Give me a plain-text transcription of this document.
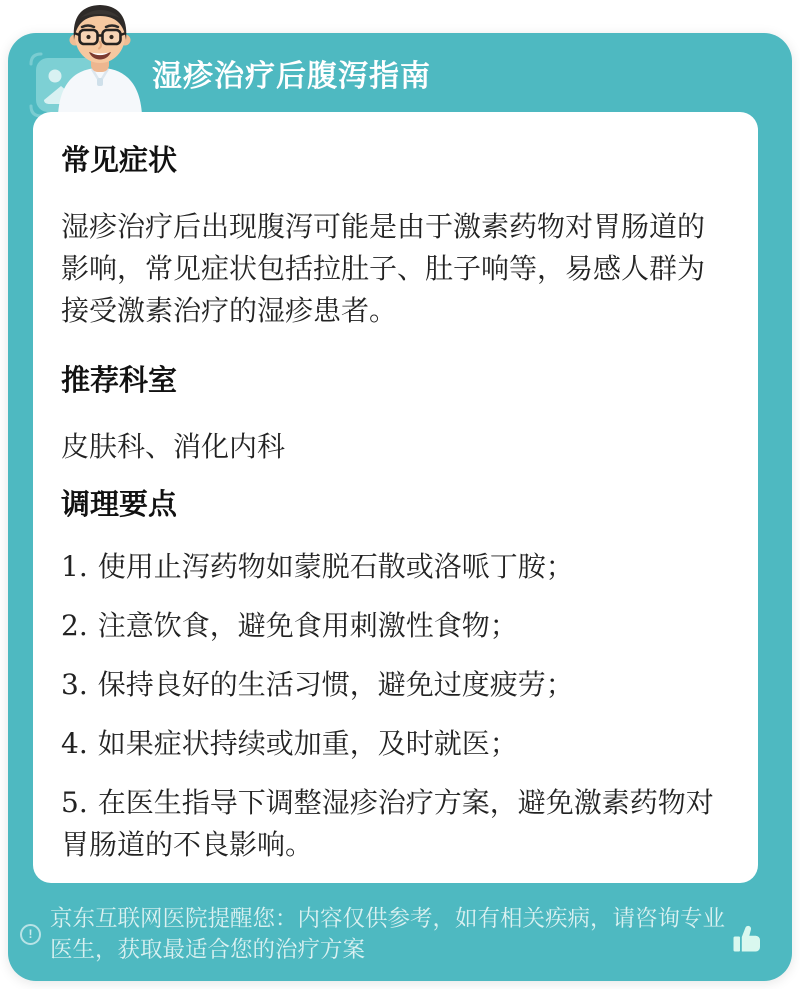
湿疹治疗后腹泻指南
常见症状

湿疹治疗后出现腹泻可能是由于激素药物对胃肠道的影响，常见症状包括拉肚子、肚子响等，易感人群为接受激素治疗的湿疹患者。

推荐科室

皮肤科、消化内科

调理要点

1. 使用止泻药物如蒙脱石散或洛哌丁胺；

2. 注意饮食，避免食用刺激性食物；

3. 保持良好的生活习惯，避免过度疲劳；

4. 如果症状持续或加重，及时就医；

5. 在医生指导下调整湿疹治疗方案，避免激素药物对胃肠道的不良影响。

!
京东互联网医院提醒您：内容仅供参考，如有相关疾病，请咨询专业医生，获取最适合您的治疗方案
